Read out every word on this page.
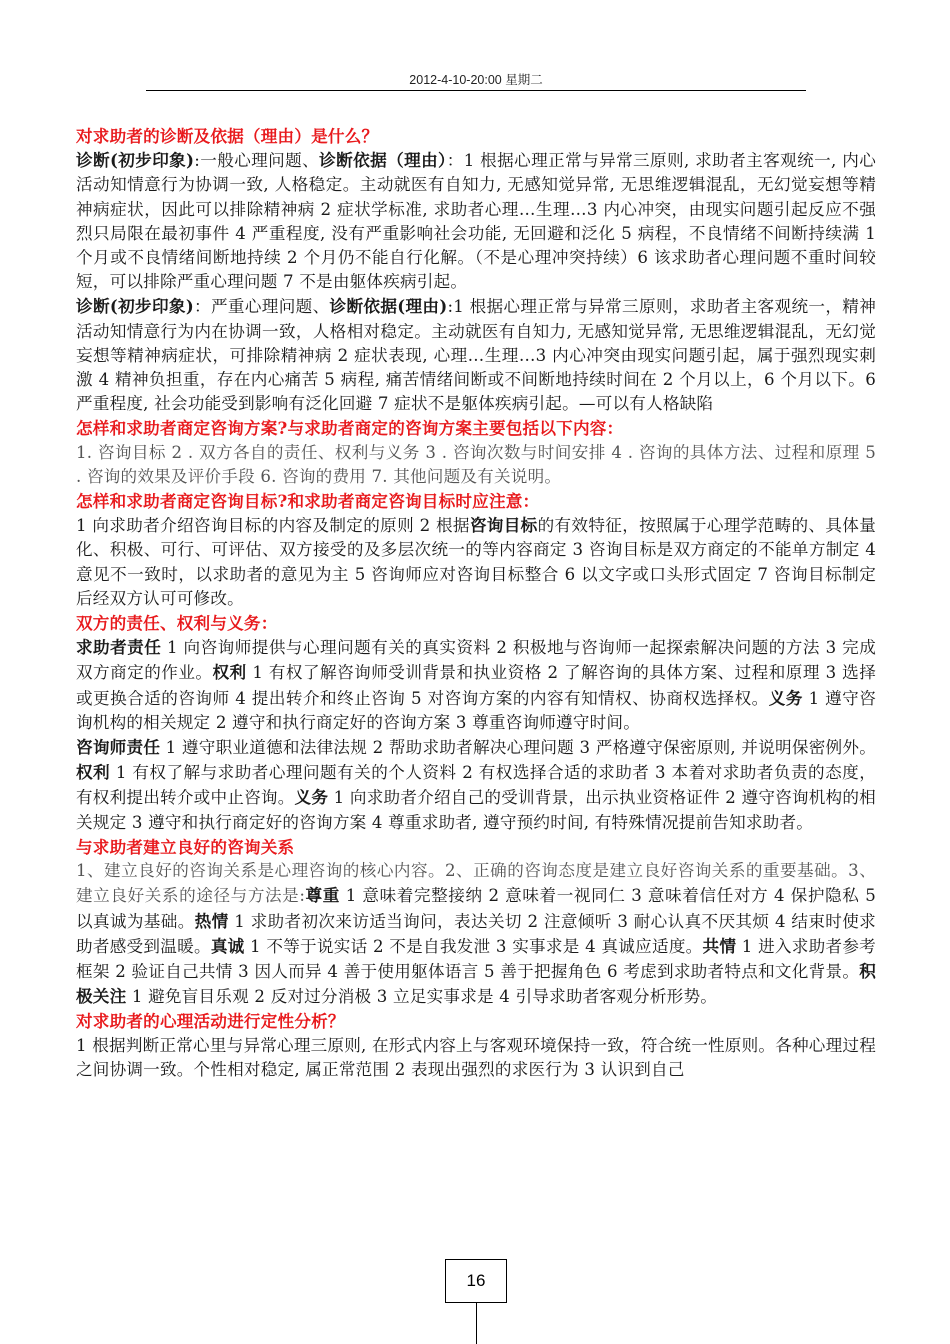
2012-4-10-20:00 星期二

对求助者的诊断及依据（理由）是什么？

诊断(初步印象):一般心理问题、诊断依据（理由）：1 根据心理正常与异常三原则, 求助者主客观统一, 内心活动知情意行为协调一致, 人格稳定。主动就医有自知力, 无感知觉异常, 无思维逻辑混乱，无幻觉妄想等精神病症状，因此可以排除精神病 2 症状学标准, 求助者心理…生理…3 内心冲突，由现实问题引起反应不强烈只局限在最初事件 4 严重程度, 没有严重影响社会功能, 无回避和泛化 5 病程，不良情绪不间断持续满 1 个月或不良情绪间断地持续 2 个月仍不能自行化解。（不是心理冲突持续）6 该求助者心理问题不重时间较短，可以排除严重心理问题 7 不是由躯体疾病引起。

诊断(初步印象)：严重心理问题、诊断依据(理由):1 根据心理正常与异常三原则，求助者主客观统一，精神活动知情意行为内在协调一致，人格相对稳定。主动就医有自知力, 无感知觉异常, 无思维逻辑混乱，无幻觉妄想等精神病症状，可排除精神病 2 症状表现, 心理…生理…3 内心冲突由现实问题引起，属于强烈现实刺激 4 精神负担重，存在内心痛苦 5 病程, 痛苦情绪间断或不间断地持续时间在 2 个月以上，6 个月以下。6 严重程度, 社会功能受到影响有泛化回避 7 症状不是躯体疾病引起。—可以有人格缺陷

怎样和求助者商定咨询方案?与求助者商定的咨询方案主要包括以下内容：

1. 咨询目标 2 . 双方各自的责任、权利与义务 3 . 咨询次数与时间安排 4 . 咨询的具体方法、过程和原理 5 . 咨询的效果及评价手段 6. 咨询的费用 7. 其他问题及有关说明。

怎样和求助者商定咨询目标?和求助者商定咨询目标时应注意：

1 向求助者介绍咨询目标的内容及制定的原则 2 根据咨询目标的有效特征，按照属于心理学范畴的、具体量化、积极、可行、可评估、双方接受的及多层次统一的等内容商定 3 咨询目标是双方商定的不能单方制定 4 意见不一致时，以求助者的意见为主 5 咨询师应对咨询目标整合 6 以文字或口头形式固定 7 咨询目标制定后经双方认可可修改。

双方的责任、权利与义务：

求助者责任 1 向咨询师提供与心理问题有关的真实资料 2 积极地与咨询师一起探索解决问题的方法 3 完成双方商定的作业。权利 1 有权了解咨询师受训背景和执业资格 2 了解咨询的具体方案、过程和原理 3 选择或更换合适的咨询师 4 提出转介和终止咨询 5 对咨询方案的内容有知情权、协商权选择权。义务 1 遵守咨询机构的相关规定 2 遵守和执行商定好的咨询方案 3 尊重咨询师遵守时间。

咨询师责任 1 遵守职业道德和法律法规 2 帮助求助者解决心理问题 3 严格遵守保密原则, 并说明保密例外。权利 1 有权了解与求助者心理问题有关的个人资料 2 有权选择合适的求助者 3 本着对求助者负责的态度，有权利提出转介或中止咨询。义务 1 向求助者介绍自己的受训背景，出示执业资格证件 2 遵守咨询机构的相关规定 3 遵守和执行商定好的咨询方案 4 尊重求助者, 遵守预约时间, 有特殊情况提前告知求助者。

与求助者建立良好的咨询关系

1、建立良好的咨询关系是心理咨询的核心内容。2、正确的咨询态度是建立良好咨询关系的重要基础。3、建立良好关系的途径与方法是:尊重 1 意味着完整接纳 2 意味着一视同仁 3 意味着信任对方 4 保护隐私 5 以真诚为基础。热情 1 求助者初次来访适当询问，表达关切 2 注意倾听 3 耐心认真不厌其烦 4 结束时使求助者感受到温暖。真诚 1 不等于说实话 2 不是自我发泄 3 实事求是 4 真诚应适度。共情 1 进入求助者参考框架 2 验证自己共情 3 因人而异 4 善于使用躯体语言 5 善于把握角色 6 考虑到求助者特点和文化背景。积极关注 1 避免盲目乐观 2 反对过分消极 3 立足实事求是 4 引导求助者客观分析形势。

对求助者的心理活动进行定性分析？

1 根据判断正常心里与异常心理三原则, 在形式内容上与客观环境保持一致，符合统一性原则。各种心理过程之间协调一致。个性相对稳定, 属正常范围 2 表现出强烈的求医行为 3 认识到自己

16
